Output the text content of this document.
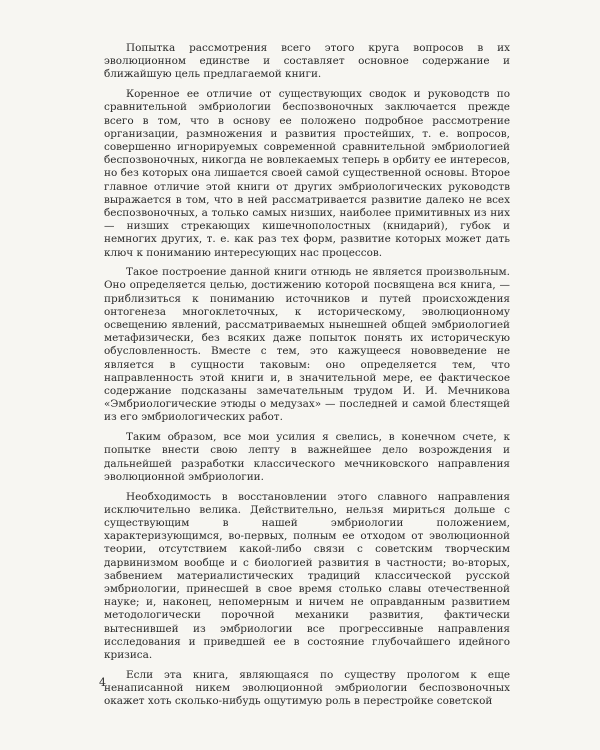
Попытка рассмотрения всего этого круга вопросов в их эволюционном единстве и составляет основное содержание и ближайшую цель предлагаемой книги.

Коренное ее отличие от существующих сводок и руководств по сравнительной эмбриологии беспозвоночных заключается прежде всего в том, что в основу ее положено подробное рассмотрение организации, размножения и развития простейших, т. е. вопросов, совершенно игнорируемых современной сравнительной эмбриологией беспозвоночных, никогда не вовлекаемых теперь в орбиту ее интересов, но без которых она лишается своей самой существенной основы. Второе главное отличие этой книги от других эмбриологических руководств выражается в том, что в ней рассматривается развитие далеко не всех беспозвоночных, а только самых низших, наиболее примитивных из них — низших стрекающих кишечнополостных (книдарий), губок и немногих других, т. е. как раз тех форм, развитие которых может дать ключ к пониманию интересующих нас процессов.

Такое построение данной книги отнюдь не является произвольным. Оно определяется целью, достижению которой посвящена вся книга, — приблизиться к пониманию источников и путей происхождения онтогенеза многоклеточных, к историческому, эволюционному освещению явлений, рассматриваемых нынешней общей эмбриологией метафизически, без всяких даже попыток понять их историческую обусловленность. Вместе с тем, это кажущееся нововведение не является в сущности таковым: оно определяется тем, что направленность этой книги и, в значительной мере, ее фактическое содержание подсказаны замечательным трудом И. И. Мечникова «Эмбриологические этюды о медузах» — последней и самой блестящей из его эмбриологических работ.

Таким образом, все мои усилия я свелись, в конечном счете, к попытке внести свою лепту в важнейшее дело возрождения и дальнейшей разработки классического мечниковского направления эволюционной эмбриологии.

Необходимость в восстановлении этого славного направления исключительно велика. Действительно, нельзя мириться дольше с существующим в нашей эмбриологии положением, характеризующимся, во-первых, полным ее отходом от эволюционной теории, отсутствием какой-либо связи с советским творческим дарвинизмом вообще и с биологией развития в частности; во-вторых, забвением материалистических традиций классической русской эмбриологии, принесшей в свое время столько славы отечественной науке; и, наконец, непомерным и ничем не оправданным развитием методологически порочной механики развития, фактически вытеснившей из эмбриологии все прогрессивные направления исследования и приведшей ее в состояние глубочайшего идейного кризиса.

Если эта книга, являющаяся по существу прологом к еще ненаписанной никем эволюционной эмбриологии беспозвоночных окажет хоть сколько-нибудь ощутимую роль в перестройке советской

4
